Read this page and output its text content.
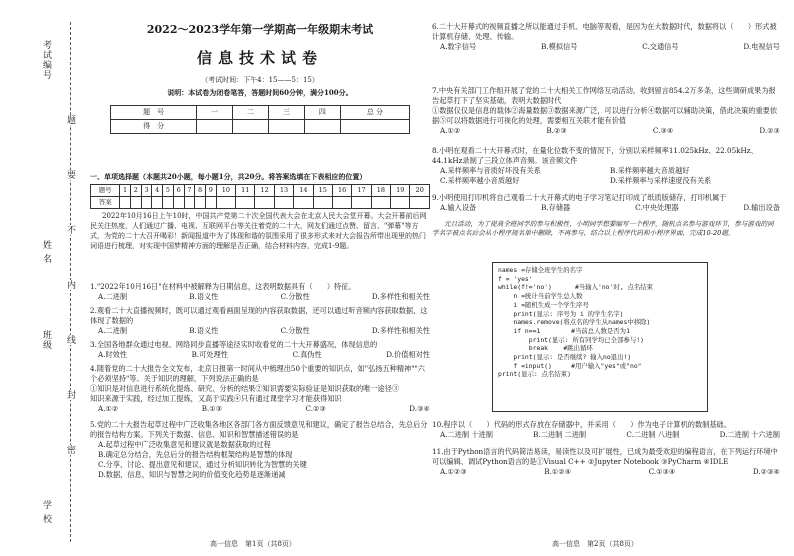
考试编号
姓 名
班级
学 校
题
要
不
内
线
封
密
2022～2023学年第一学期高一年级期末考试
信息技术试卷
（考试时间：下午4：15——5：15）
说明：本试卷为闭卷笔答，答题时间60分钟，满分100分。
题　号	一	二	三	四	总 分
得　分					
一、单项选择题（本题共20小题，每小题1分，共20分。将答案选填在下表相应的位置）
题号	1	2	3	4	5	6	7	8	9	10	11	12	13	14	15	16	17	18	19	20
答案																				
2022年10月16日上午10时，中国共产党第二十次全国代表大会在北京人民大会堂开幕。大会开幕前后网民关注热度，人们通过广播、电视、互联网平台等关注着党的二十大，网友们通过点赞、留言、"弹幕"等方式，为党的二十大召开喝彩！新闻报道中为了体现和谐的氛围采用了很多形式来对大会报告所带出现里的热门词语进行梳理，对实现中国梦精神方面的理解是否正确，结合材料内容，完成1-9题。
1."2022年10月16日"在材料中被解释为日期信息，这表明数据具有（　　）特征。
A.二进制	B.语义性	C.分散性	D.多样性和相关性
2.观看二十大直播视频时，既可以通过观看画面呈现的内容获取数据，还可以通过听音频内容获取数据，这体现了数据的
A.二进制	B.语义性	C.分散性	D.多样性和相关性
3.全国各地群众通过电视、网络同步直播等途径实时收看党的二十大开幕盛况，体现信息的
A.时效性	B.可处理性	C.真伪性	D.价值相对性
4.随着党的二十大报告全文发布，北京日报第一时间从中梳理出50个重要的知识点，如"弘扬五种精神""六个必须坚持"等。关于知识的理解，下列说法正确的是
①知识是对信息进行系统化提炼、研究、分析的结果②知识需要实际验证是知识获取的唯一途径③
知识来源于实践，经过加工提炼，又高于实践④只有通过课堂学习才能获得知识
A.①②	B.①③	C.②③	D.③④
5.党的二十大报告起草过程中广泛收集各地区各部门各方面反馈意见和建议，确定了报告总结合，先总后分的报告结构方案。下列关于数据、信息、知识和智慧描述错误的是
A.起草过程中广泛收集意见和建议就是数据获取的过程
B.确定总分结合，先总后分的报告结构框架结构是智慧的体现
C.分享、讨论、提出意见和建议，通过分析知识转化为智慧的关键
D.数据，信息，知识与智慧之间的价值变化趋势是逐渐递减
高一信息　第1页（共8页）
6.二十大开幕式的视频直播之所以能通过手机、电脑等观看，是因为在大数据时代，数据将以（　　）形式被计算机存储、处理、传输。
A.数字信号	B.模拟信号	C.交通信号	D.电视信号
7.中央有关部门工作组开展了党的二十大相关工作网络互动活动，收到留言854.2万多条，这些调研成果为报告起草打下了坚实基础，表明大数据时代
①数据仅仅是信息的载体②海量数据③数据来源广泛，可以进行分析④数据可以辅助决策，借此决策的重要依据⑤可以将数据进行可视化的处理，需要相互关联才能有价值
A.①②	B.②③	C.③④	D.②③
8.小明在观看二十大开幕式时，在量化位数不变的情况下，分别以采样频率11.025kHz、22.05kHz、44.1kHz录制了三段立体声音频。该音频文件
A.采样频率与音质好坏没有关系	B.采样频率越大音质越好
C.采样频率越小音质越好	D.采样频率与采样速度没有关系
9.小明使用打印机将自己观看二十大开幕式的电子学习笔记打印成了纸质版储存，打印机属于
A.输入设备	B.存储器	C.中央处理器	D.输出设备
元旦活动，为了提高全班同学的参与积极性，小明同学想要编写一个程序，随机点名参与游戏环节，参与游戏的同学名字被点名后会从小程序现名单中删除，不再参与，结合以上程序代码和小程序界面，完成10-20题。
names =存储全班学生的名字
f = 'yes'
while(f!='no')      #当输入'no'时, 点名结束
n =统计当前学生总人数
i =随机生成一个学生序号
print(显示: 序号为 i 的学生名字)
names.remove(将点名的学生从names中移除)
if n==1        #当前总人数是否为1
print(显示: 所有同学均已全部参与!)
break    #跳出循环
print(显示: 是否继续? 输入no退出!)
f =input()     #用户输入"yes"或"no"
print(显示: 点名结束)
10.程序以（　　）代码的形式存放在存储器中，并采用（　　）作为电子计算机的数制基础。
A.二进制 十进制	B.二进制 二进制	C.二进制 八进制	D.二进制 十六进制
11.由于Python语言的代码简洁易读，易读性以及可扩展性，已成为最受欢迎的编程语言，在下列运行环境中可以编辑、调试Python语言的是①Visual C++ ②Jupyter Notebook ③PyCharm ④IDLE
A.①②③	B.①②④	C.①③④	D.②③④
高一信息　第2页（共8页）
